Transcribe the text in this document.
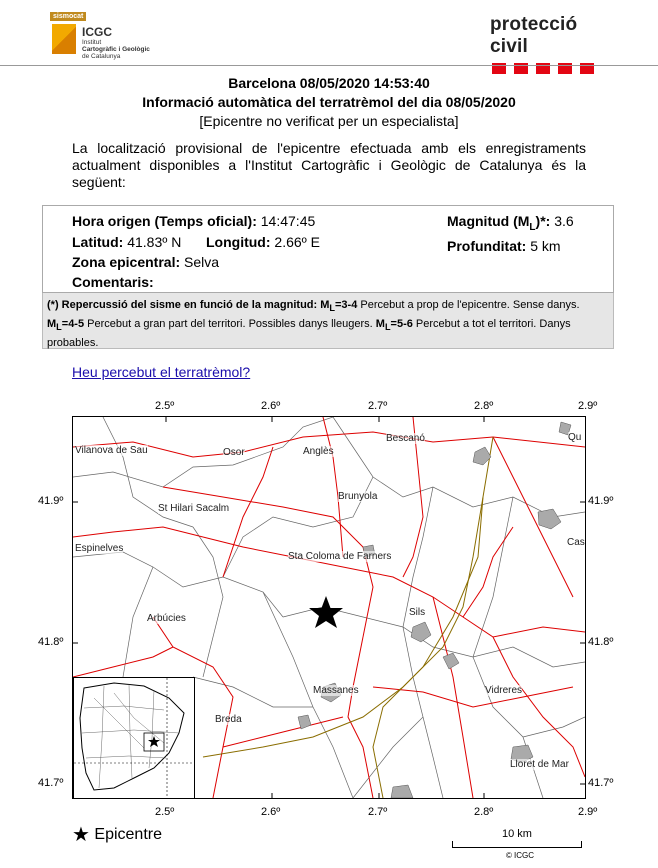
sismocat
ICGC
Institut
Cartogràfic i Geològic
de Catalunya
protecció civil
Barcelona 08/05/2020 14:53:40
Informació automàtica del terratrèmol del dia 08/05/2020
[Epicentre no verificat per un especialista]
La localització provisional de l'epicentre efectuada amb els enregistraments actualment disponibles a l'Institut Cartogràfic i Geològic de Catalunya és la següent:
Hora origen (Temps oficial): 14:47:45
Latitud: 41.83º N Longitud: 2.66º E
Zona epicentral: Selva
Comentaris:
Magnitud $(M_L)*$: 3.6
Profunditat: 5 km
(*) Repercussió del sisme en funció de la magnitud: $M_L=3-4$ Percebut a prop de l'epicentre. Sense danys. $M_L=4-5$ Percebut a gran part del territori. Possibles danys lleugers. $M_L=5-6$ Percebut a tot el territori. Danys probables.
Heu percebut el terratrèmol?
2.5º	2.6º	2.7º	2.8º	2.9º
2.5º	2.6º	2.7º	2.8º	2.9º
41.9º
41.8º
41.7º
41.9º
41.8º
41.7º
Vilanova de Sau	Osor	Anglès
Bescanó	Qu
Brunyola
St Hilari Sacalm
Espinelves
Sta Coloma de Farners
Cas
Sils
Arbúcies
Massanes	Vidreres
Breda
Lloret de Mar
★ Epicentre	10 km
© ICGC
